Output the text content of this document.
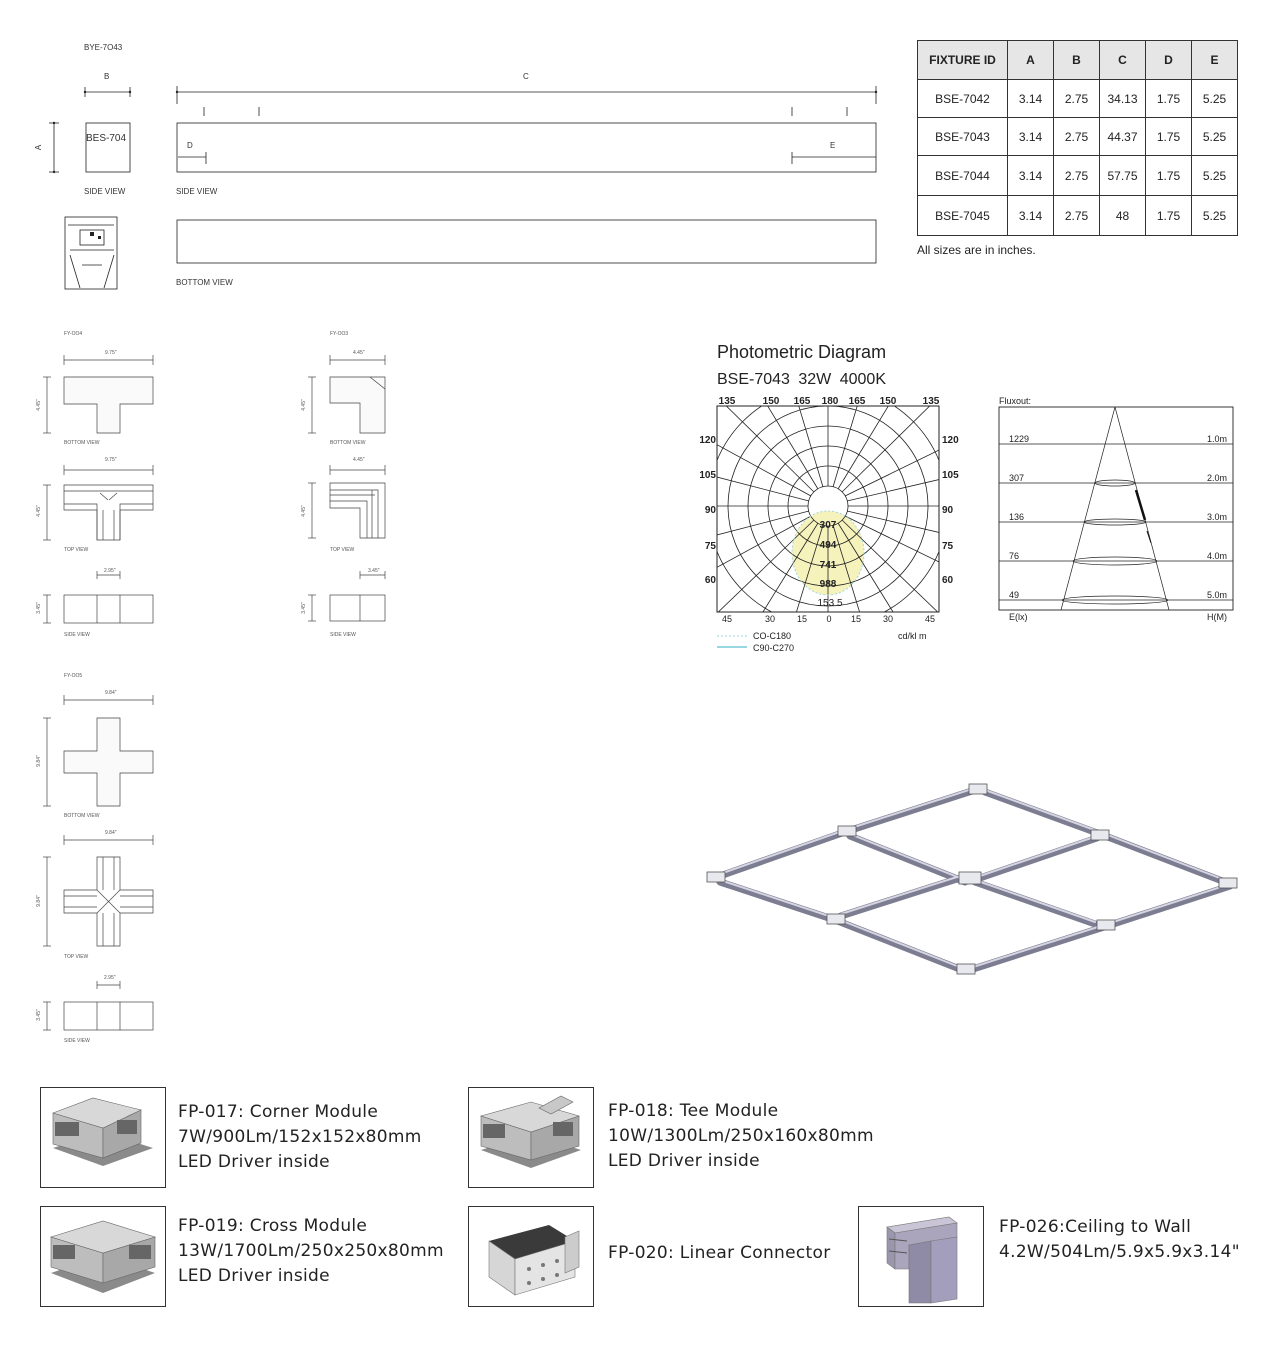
BYE-7O43
B	C
A	D	E
BES-704
SIDE VIEW	SIDE VIEW
BOTTOM VIEW
FIXTURE ID	A	B	C	D	E
BSE-7042	3.14	2.75	34.13	1.75	5.25
BSE-7043	3.14	2.75	44.37	1.75	5.25
BSE-7044	3.14	2.75	57.75	1.75	5.25
BSE-7045	3.14	2.75	48	1.75	5.25
All sizes are in inches.
FY-OO4
9.75"
4.45"
BOTTOM VIEW
9.75"
4.45"
TOP VIEW
2.95"
3.45"
SIDE VIEW
FY-OO3
4.45"
4.45"
BOTTOM VIEW
4.45"
4.45"
TOP VIEW
3.45"
3.45"
SIDE VIEW
FY-OO5
9.84"
9.84"
BOTTOM VIEW
9.84"
9.84"
TOP VIEW
2.95"
3.45"
SIDE VIEW
Photometric Diagram
BSE-7043 32W 4000K
135	150 165 180 165 150	135
120
105
90
75
60
120
105
90
75
60
45	30 15 0 15 30	45
307
494
741
988
153 5
CO-C180
C90-C270
cd/kl m
Fluxout:
1229
307
136
76
49
1.0m
2.0m
3.0m
4.0m
5.0m
E(lx)	H(M)
FP-017: Corner Module
7W/900Lm/152x152x80mm
LED Driver inside
FP-018: Tee Module
10W/1300Lm/250x160x80mm
LED Driver inside
FP-019: Cross Module
13W/1700Lm/250x250x80mm
LED Driver inside
FP-020: Linear Connector
FP-026:Ceiling to Wall
4.2W/504Lm/5.9x5.9x3.14"
